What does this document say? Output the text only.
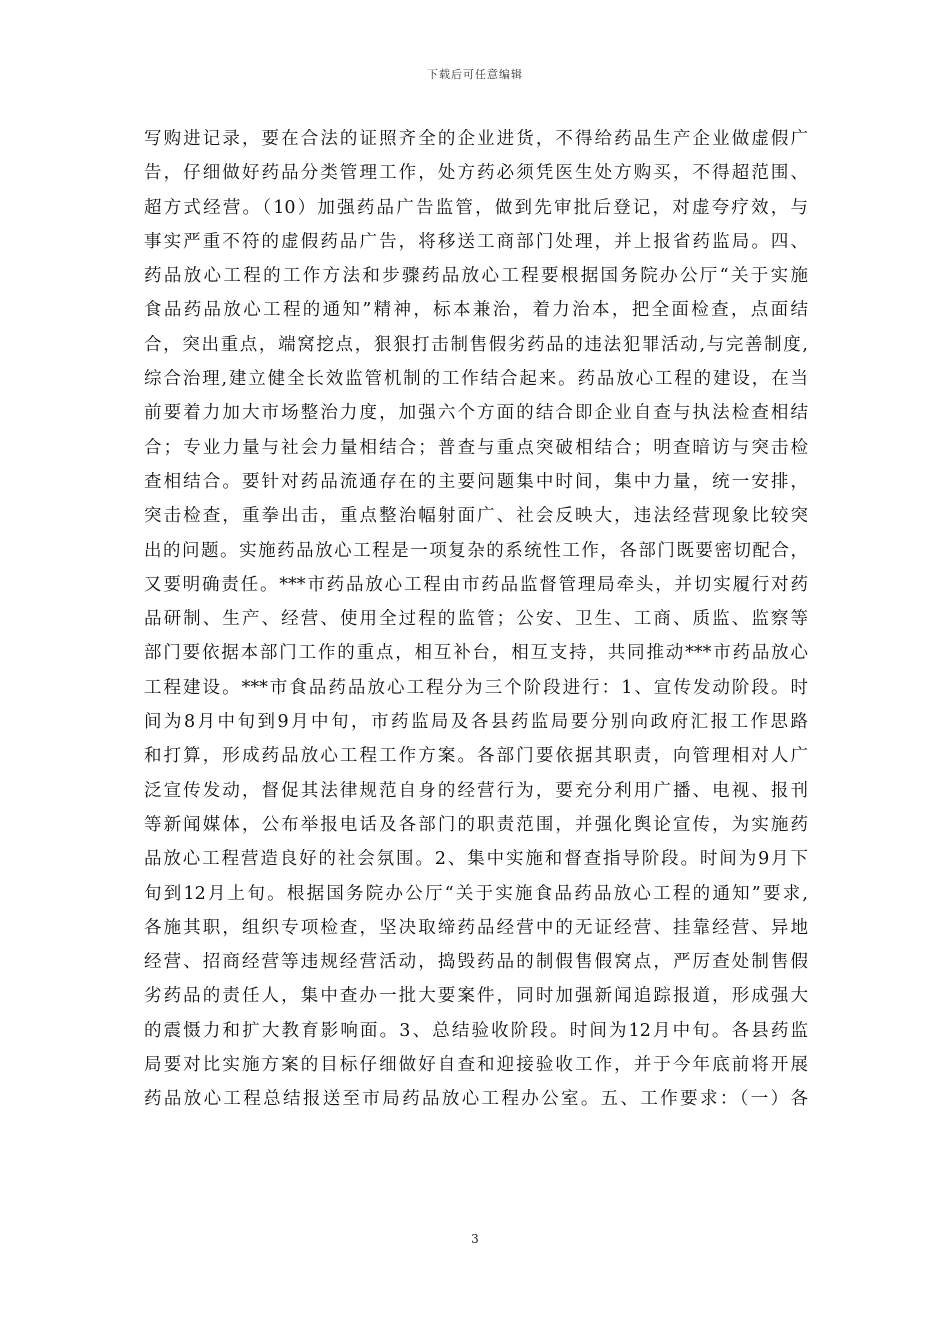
下载后可任意编辑
写购进记录，要在合法的证照齐全的企业进货，不得给药品生产企业做虚假广
告，仔细做好药品分类管理工作，处方药必须凭医生处方购买，不得超范围、
超方式经营。（10）加强药品广告监管，做到先审批后登记，对虚夸疗效，与
事实严重不符的虚假药品广告，将移送工商部门处理，并上报省药监局。四、
药品放心工程的工作方法和步骤药品放心工程要根据国务院办公厅“关于实施
食品药品放心工程的通知”精神，标本兼治，着力治本，把全面检查，点面结
合，突出重点，端窝挖点，狠狠打击制售假劣药品的违法犯罪活动,与完善制度,
综合治理,建立健全长效监管机制的工作结合起来。药品放心工程的建设，在当
前要着力加大市场整治力度，加强六个方面的结合即企业自查与执法检查相结
合；专业力量与社会力量相结合；普查与重点突破相结合；明查暗访与突击检
查相结合。要针对药品流通存在的主要问题集中时间，集中力量，统一安排，
突击检查，重拳出击，重点整治幅射面广、社会反映大，违法经营现象比较突
出的问题。实施药品放心工程是一项复杂的系统性工作，各部门既要密切配合，
又要明确责任。***市药品放心工程由市药品监督管理局牵头，并切实履行对药
品研制、生产、经营、使用全过程的监管；公安、卫生、工商、质监、监察等
部门要依据本部门工作的重点，相互补台，相互支持，共同推动***市药品放心
工程建设。***市食品药品放心工程分为三个阶段进行：1、宣传发动阶段。时
间为8月中旬到9月中旬，市药监局及各县药监局要分别向政府汇报工作思路
和打算，形成药品放心工程工作方案。各部门要依据其职责，向管理相对人广
泛宣传发动，督促其法律规范自身的经营行为，要充分利用广播、电视、报刊
等新闻媒体，公布举报电话及各部门的职责范围，并强化舆论宣传，为实施药
品放心工程营造良好的社会氛围。2、集中实施和督查指导阶段。时间为9月下
旬到12月上旬。根据国务院办公厅“关于实施食品药品放心工程的通知”要求,
各施其职，组织专项检查，坚决取缔药品经营中的无证经营、挂靠经营、异地
经营、招商经营等违规经营活动，捣毁药品的制假售假窝点，严厉查处制售假
劣药品的责任人，集中查办一批大要案件，同时加强新闻追踪报道，形成强大
的震慑力和扩大教育影响面。3、总结验收阶段。时间为12月中旬。各县药监
局要对比实施方案的目标仔细做好自查和迎接验收工作，并于今年底前将开展
药品放心工程总结报送至市局药品放心工程办公室。五、工作要求：（一）各
3
